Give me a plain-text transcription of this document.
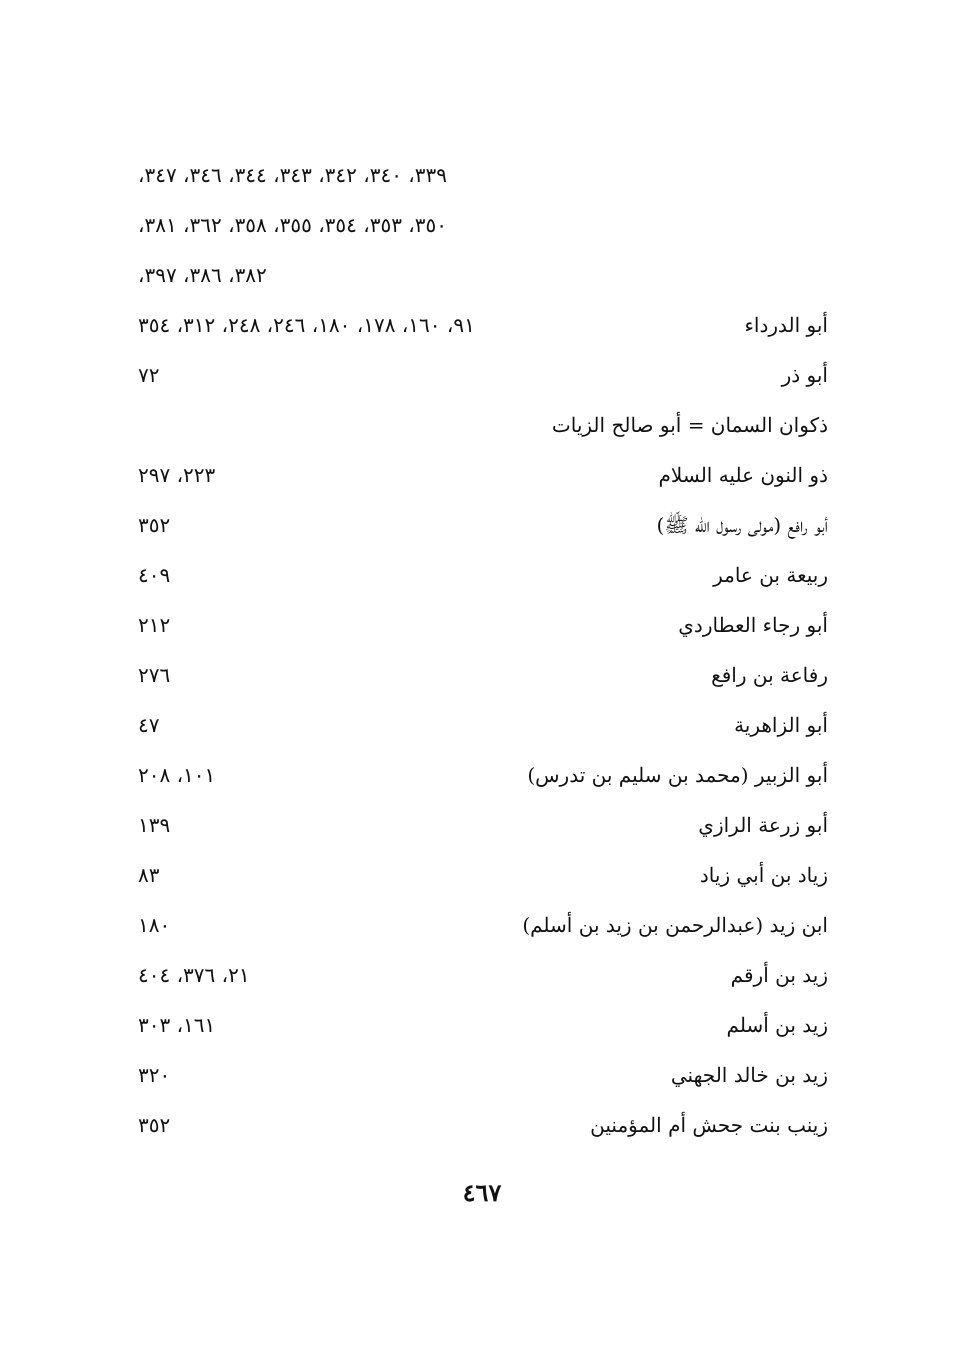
٣٣٩، ٣٤٠، ٣٤٢، ٣٤٣، ٣٤٤، ٣٤٦، ٣٤٧،
٣٥٠، ٣٥٣، ٣٥٤، ٣٥٥، ٣٥٨، ٣٦٢، ٣٨١،
٣٨٢، ٣٨٦، ٣٩٧،
أبو الدرداء
٩١، ١٦٠، ١٧٨، ١٨٠، ٢٤٦، ٢٤٨، ٣١٢، ٣٥٤
أبو ذر
٧٢
ذكوان السمان = أبو صالح الزيات
ذو النون عليه السلام
٢٢٣، ٢٩٧
أبو رافع (مولى رسول الله ﷺ)
٣٥٢
ربيعة بن عامر
٤٠٩
أبو رجاء العطاردي
٢١٢
رفاعة بن رافع
٢٧٦
أبو الزاهرية
٤٧
أبو الزبير (محمد بن سليم بن تدرس)
١٠١، ٢٠٨
أبو زرعة الرازي
١٣٩
زياد بن أبي زياد
٨٣
ابن زيد (عبدالرحمن بن زيد بن أسلم)
١٨٠
زيد بن أرقم
٢١، ٣٧٦، ٤٠٤
زيد بن أسلم
١٦١، ٣٠٣
زيد بن خالد الجهني
٣٢٠
زينب بنت جحش أم المؤمنين
٣٥٢
٤٦٧
